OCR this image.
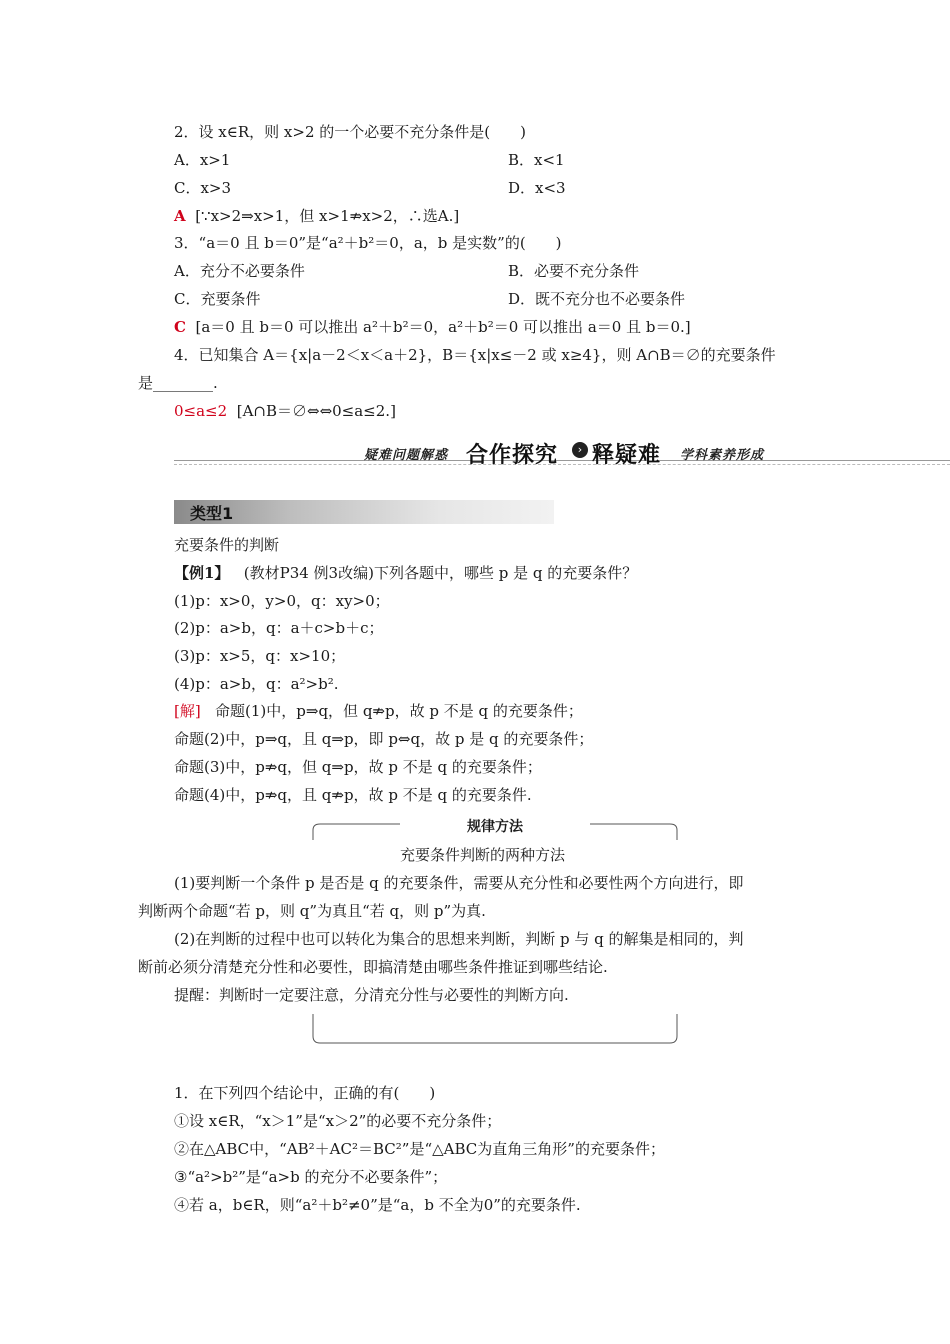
2．设 x∈R，则 x>2 的一个必要不充分条件是(　　)
A．x>1	B．x<1
C．x>3	D．x<3
A [∵x>2⇒x>1，但 x>1⇏x>2，∴选A.]
3．“a＝0 且 b＝0”是“a²＋b²＝0，a，b 是实数”的(　　)
A．充分不必要条件	B．必要不充分条件
C．充要条件	D．既不充分也不必要条件
C [a＝0 且 b＝0 可以推出 a²＋b²＝0，a²＋b²＝0 可以推出 a＝0 且 b＝0.]
4．已知集合 A＝{x|a－2＜x＜a＋2}，B＝{x|x≤－2 或 x≥4}，则 A∩B＝∅的充要条件
是________.
0≤a≤2 [A∩B＝∅⇔⇔0≤a≤2.]
疑难问题解惑 合作探究	› 释疑难 学科素养形成
类型1
充要条件的判断
【例1】 (教材P34 例3改编)下列各题中，哪些 p 是 q 的充要条件？
(1)p：x>0，y>0，q：xy>0；
(2)p：a>b，q：a＋c>b＋c；
(3)p：x>5，q：x>10；
(4)p：a>b，q：a²>b².
[解] 命题(1)中，p⇒q，但 q⇏p，故 p 不是 q 的充要条件；
命题(2)中，p⇒q，且 q⇒p，即 p⇔q，故 p 是 q 的充要条件；
命题(3)中，p⇏q，但 q⇒p，故 p 不是 q 的充要条件；
命题(4)中，p⇏q，且 q⇏p，故 p 不是 q 的充要条件.
规律方法
充要条件判断的两种方法
(1)要判断一个条件 p 是否是 q 的充要条件，需要从充分性和必要性两个方向进行，即
判断两个命题“若 p，则 q”为真且“若 q，则 p”为真.
(2)在判断的过程中也可以转化为集合的思想来判断，判断 p 与 q 的解集是相同的，判
断前必须分清楚充分性和必要性，即搞清楚由哪些条件推证到哪些结论.
提醒：判断时一定要注意，分清充分性与必要性的判断方向.
1．在下列四个结论中，正确的有(　　)
①设 x∈R，“x＞1”是“x＞2”的必要不充分条件；
②在△ABC中，“AB²＋AC²＝BC²”是“△ABC为直角三角形”的充要条件；
③“a²>b²”是“a>b 的充分不必要条件”；
④若 a，b∈R，则“a²＋b²≠0”是“a，b 不全为0”的充要条件.
